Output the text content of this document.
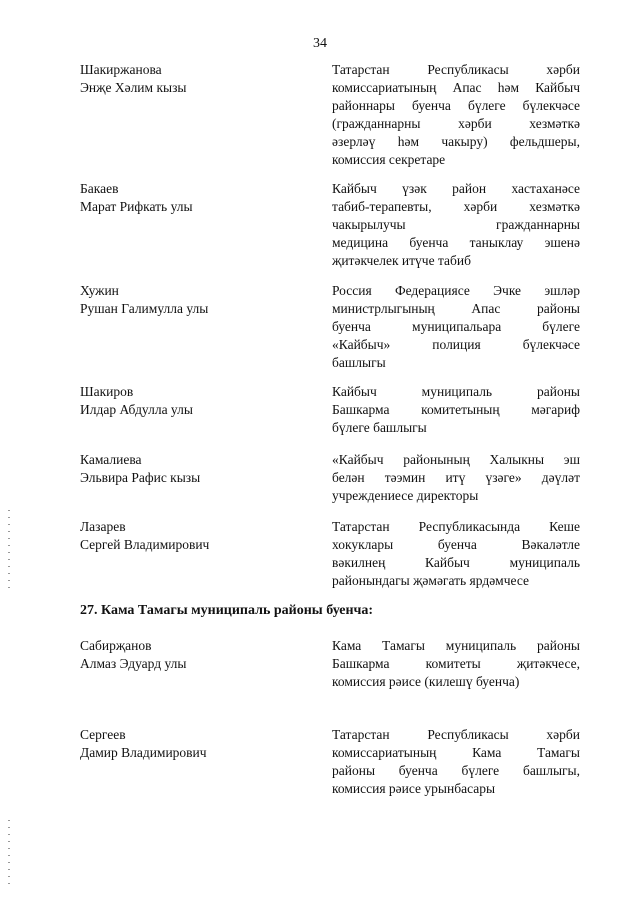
34
Шакиржанова
Энҗе Хәлим кызы
Татарстан Республикасы хәрби
комиссариатының Апас һәм Кайбыч
районнары буенча бүлеге бүлекчәсе
(гражданнарны хәрби хезмәткә
әзерләү һәм чакыру) фельдшеры,
комиссия секретаре
Бакаев
Марат Рифкать улы
Кайбыч үзәк район хастаханәсе
табиб-терапевты, хәрби хезмәткә
чакырылучы гражданнарны
медицина буенча таныклау эшенә
җитәкчелек итүче табиб
Хужин
Рушан Галимулла улы
Россия Федерациясе Эчке эшләр
министрлыгының Апас районы
буенча муниципальара бүлеге
«Кайбыч» полиция бүлекчәсе
башлыгы
Шакиров
Илдар Абдулла улы
Кайбыч муниципаль районы
Башкарма комитетының мәгариф
бүлеге башлыгы
Камалиева
Эльвира Рафис кызы
«Кайбыч районының Халыкны эш
белән тәэмин итү үзәге» дәүләт
учреждениесе директоры
Лазарев
Сергей Владимирович
Татарстан Республикасында Кеше
хокуклары буенча Вәкаләтле
вәкилнең Кайбыч муниципаль
районындагы җәмәгать ярдәмчесе
27. Кама Тамагы муниципаль районы буенча:
Сабирҗанов
Алмаз Эдуард улы
Кама Тамагы муниципаль районы
Башкарма комитеты җитәкчесе,
комиссия рәисе (килешү буенча)
Сергеев
Дамир Владимирович
Татарстан Республикасы хәрби
комиссариатының Кама Тамагы
районы буенча бүлеге башлыгы,
комиссия рәисе урынбасары
